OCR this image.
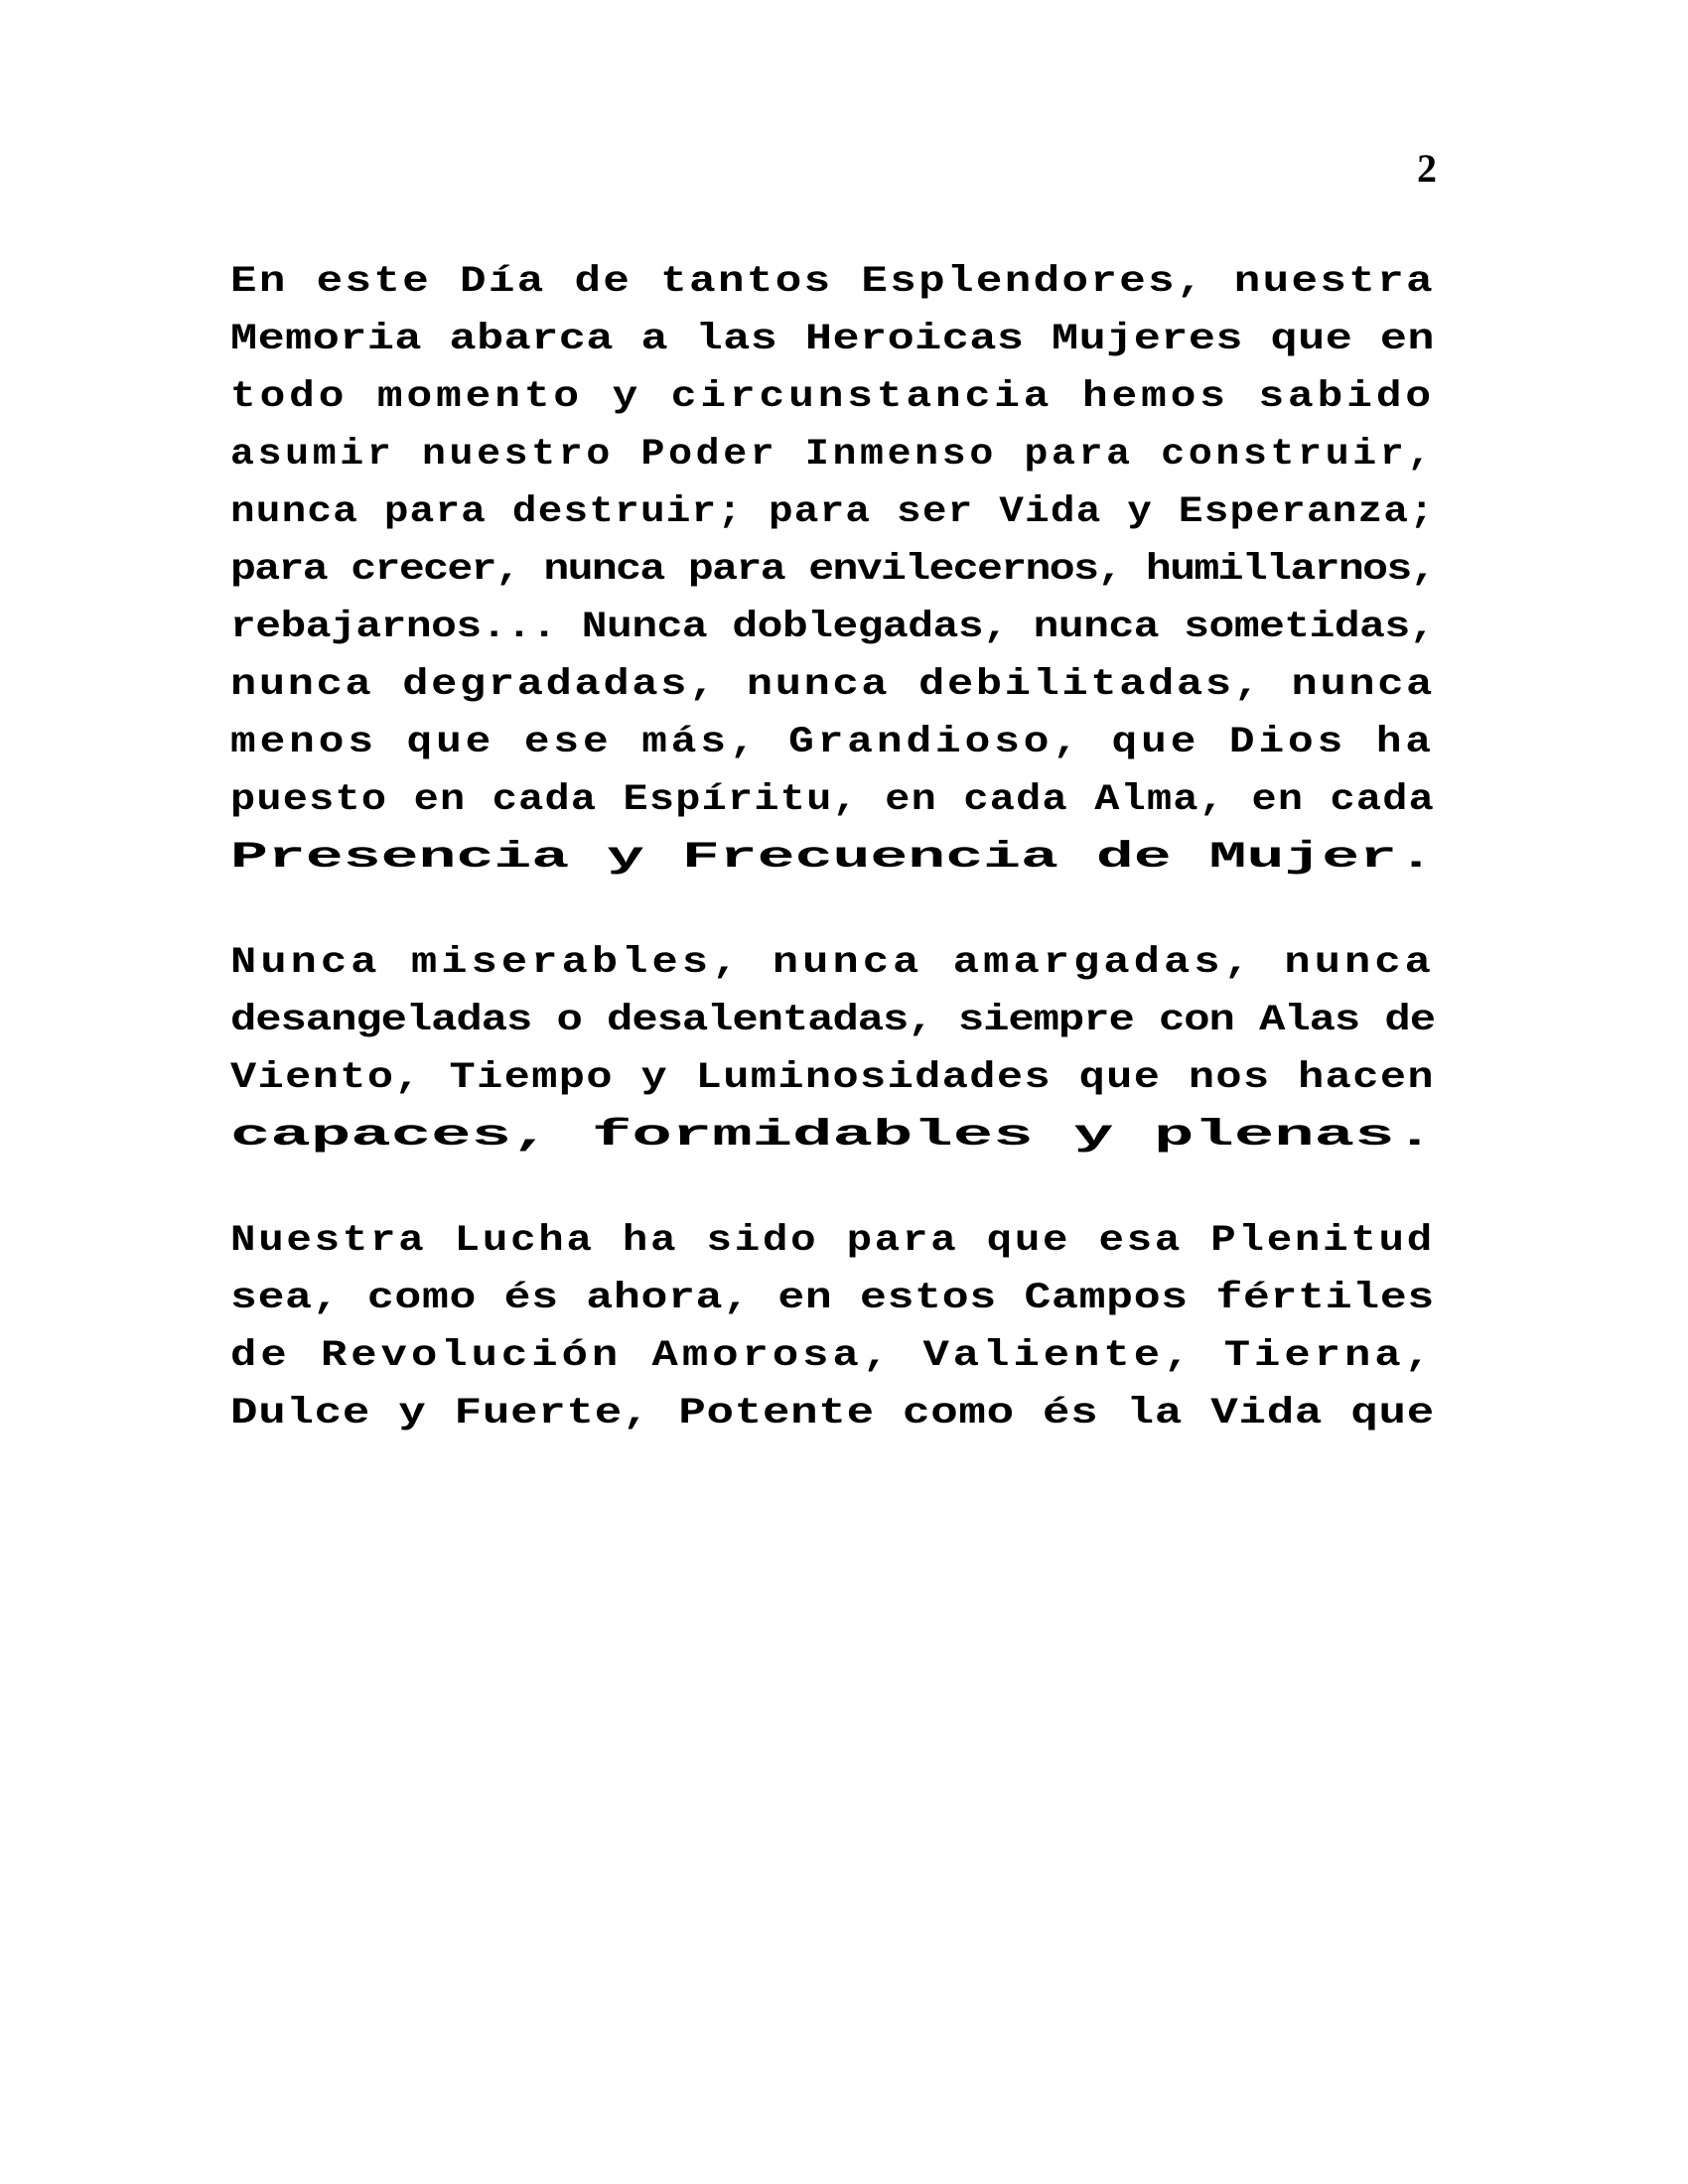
2
En este Día de tantos Esplendores, nuestra
Memoria abarca a las Heroicas Mujeres que en
todo momento y circunstancia hemos sabido
asumir nuestro Poder Inmenso para construir,
nunca para destruir; para ser Vida y Esperanza;
para crecer, nunca para envilecernos, humillarnos,
rebajarnos... Nunca doblegadas, nunca sometidas,
nunca degradadas, nunca debilitadas, nunca
menos que ese más, Grandioso, que Dios ha
puesto en cada Espíritu, en cada Alma, en cada
Presencia y Frecuencia de Mujer.
Nunca miserables, nunca amargadas, nunca
desangeladas o desalentadas, siempre con Alas de
Viento, Tiempo y Luminosidades que nos hacen
capaces, formidables y plenas.
Nuestra Lucha ha sido para que esa Plenitud
sea, como és ahora, en estos Campos fértiles
de Revolución Amorosa, Valiente, Tierna,
Dulce y Fuerte, Potente como és la Vida que
